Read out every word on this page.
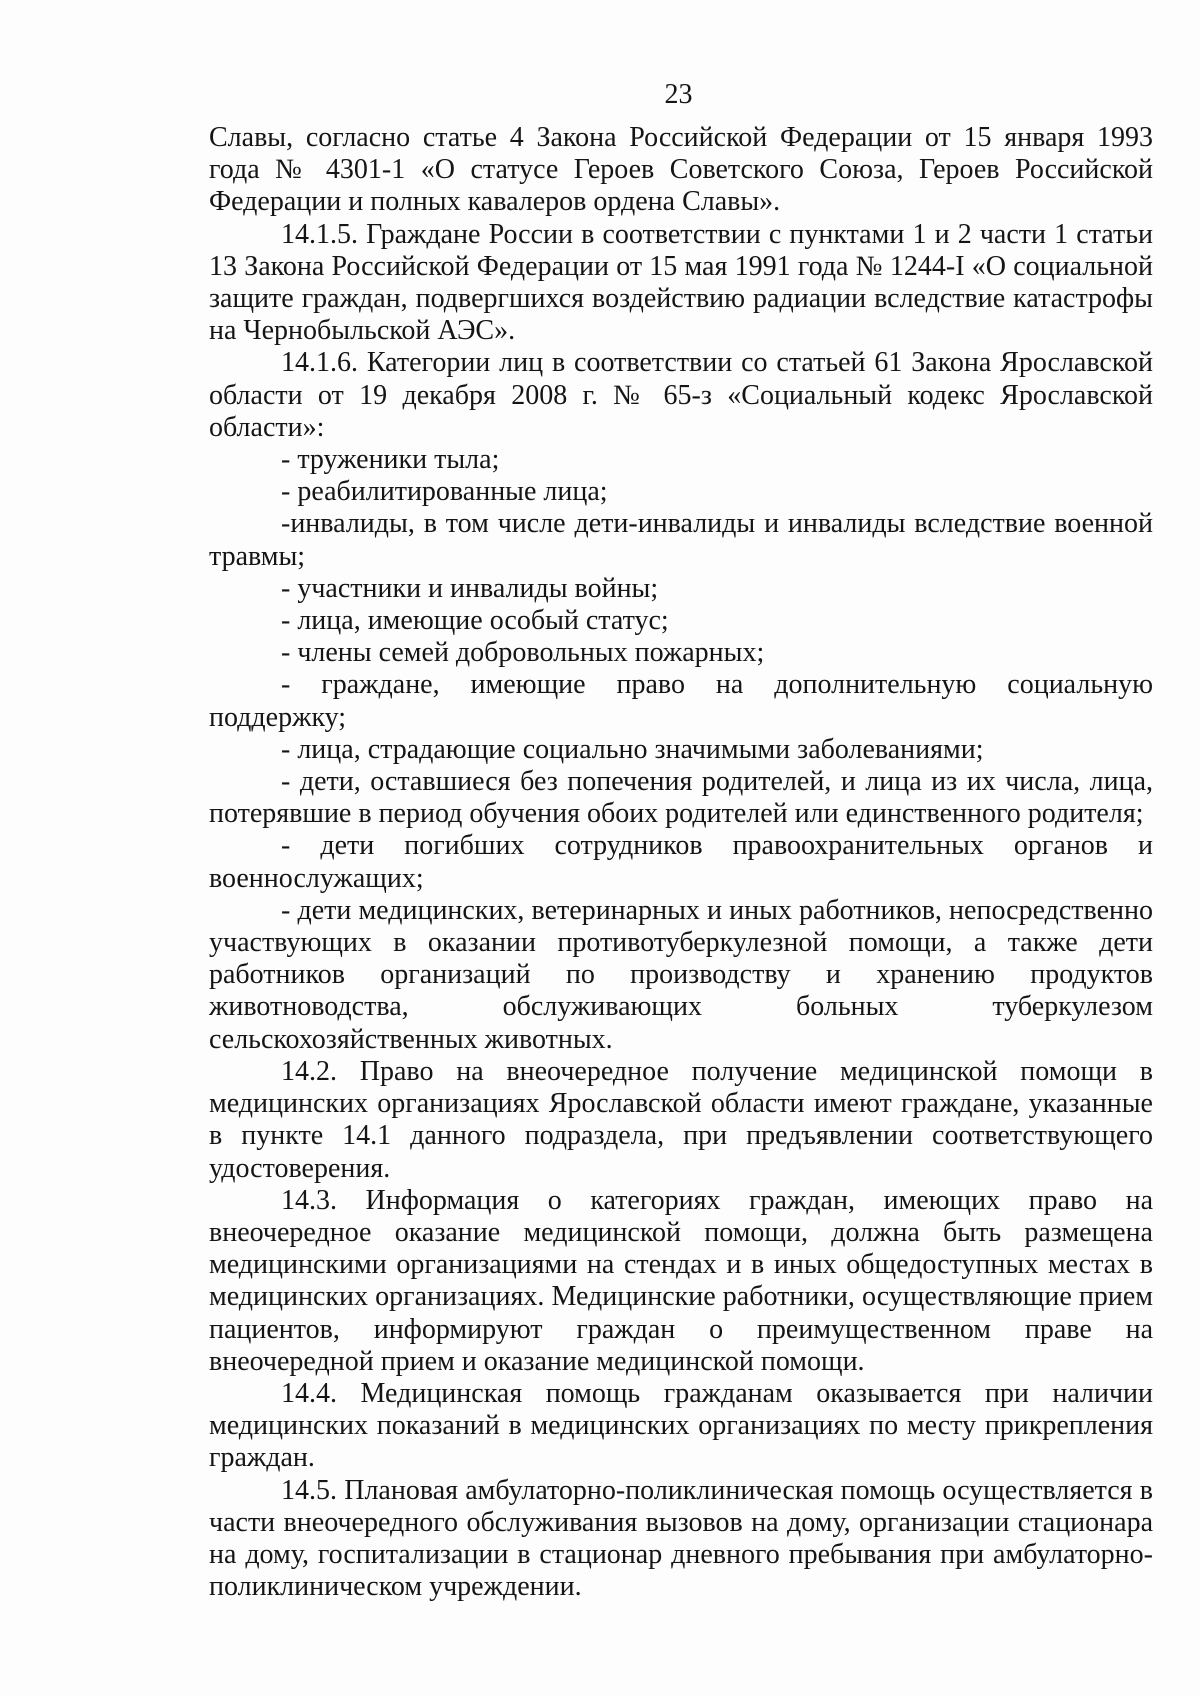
23

Славы, согласно статье 4 Закона Российской Федерации от 15 января 1993 года № 4301-1 «О статусе Героев Советского Союза, Героев Российской Федерации и полных кавалеров ордена Славы».

14.1.5. Граждане России в соответствии с пунктами 1 и 2 части 1 статьи 13 Закона Российской Федерации от 15 мая 1991 года № 1244-I «О социальной защите граждан, подвергшихся воздействию радиации вследствие катастрофы на Чернобыльской АЭС».

14.1.6. Категории лиц в соответствии со статьей 61 Закона Ярославской области от 19 декабря 2008 г. № 65-з «Социальный кодекс Ярославской области»:

- труженики тыла;

- реабилитированные лица;

-инвалиды, в том числе дети-инвалиды и инвалиды вследствие военной травмы;

- участники и инвалиды войны;

- лица, имеющие особый статус;

- члены семей добровольных пожарных;

- граждане, имеющие право на дополнительную социальную поддержку;

- лица, страдающие социально значимыми заболеваниями;

- дети, оставшиеся без попечения родителей, и лица из их числа, лица, потерявшие в период обучения обоих родителей или единственного родителя;

- дети погибших сотрудников правоохранительных органов и военнослужащих;

- дети медицинских, ветеринарных и иных работников, непосредственно участвующих в оказании противотуберкулезной помощи, а также дети работников организаций по производству и хранению продуктов животноводства, обслуживающих больных туберкулезом сельскохозяйственных животных.

14.2. Право на внеочередное получение медицинской помощи в медицинских организациях Ярославской области имеют граждане, указанные в пункте 14.1 данного подраздела, при предъявлении соответствующего удостоверения.

14.3. Информация о категориях граждан, имеющих право на внеочередное оказание медицинской помощи, должна быть размещена медицинскими организациями на стендах и в иных общедоступных местах в медицинских организациях. Медицинские работники, осуществляющие прием пациентов, информируют граждан о преимущественном праве на внеочередной прием и оказание медицинской помощи.

14.4. Медицинская помощь гражданам оказывается при наличии медицинских показаний в медицинских организациях по месту прикрепления граждан.

14.5. Плановая амбулаторно-поликлиническая помощь осуществляется в части внеочередного обслуживания вызовов на дому, организации стационара на дому, госпитализации в стационар дневного пребывания при амбулаторно-поликлиническом учреждении.
